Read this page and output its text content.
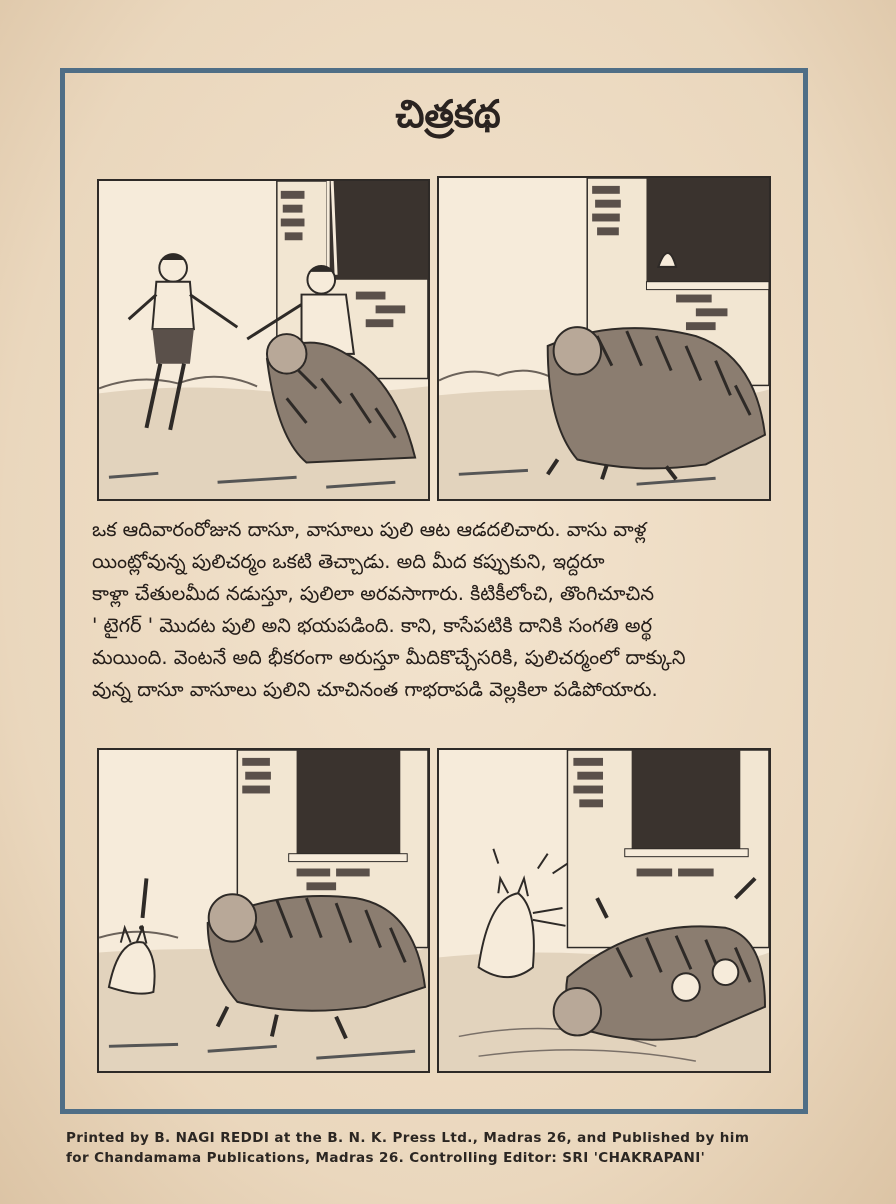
చిత్రకథ
ఒక ఆదివారంరోజున దాసూ, వాసూలు పులి ఆట ఆడదలిచారు. వాసు వాళ్ల
యింట్లోవున్న పులిచర్మం ఒకటి తెచ్చాడు. అది మీద కప్పుకుని, ఇద్దరూ
కాళ్లా చేతులమీద నడుస్తూ, పులిలా అరవసాగారు. కిటికీలోంచి, తొంగిచూచిన
' టైగర్ ' మొదట పులి అని భయపడింది. కాని, కాసేపటికి దానికి సంగతి అర్థ
మయింది. వెంటనే అది భీకరంగా అరుస్తూ మీదికొచ్చేసరికి, పులిచర్మంలో దాక్కుని
వున్న దాసూ వాసూలు పులిని చూచినంత గాభరాపడి వెల్లకిలా పడిపోయారు.
Printed by B. NAGI REDDI at the B. N. K. Press Ltd., Madras 26, and Published by him
for Chandamama Publications, Madras 26. Controlling Editor: SRI 'CHAKRAPANI'
